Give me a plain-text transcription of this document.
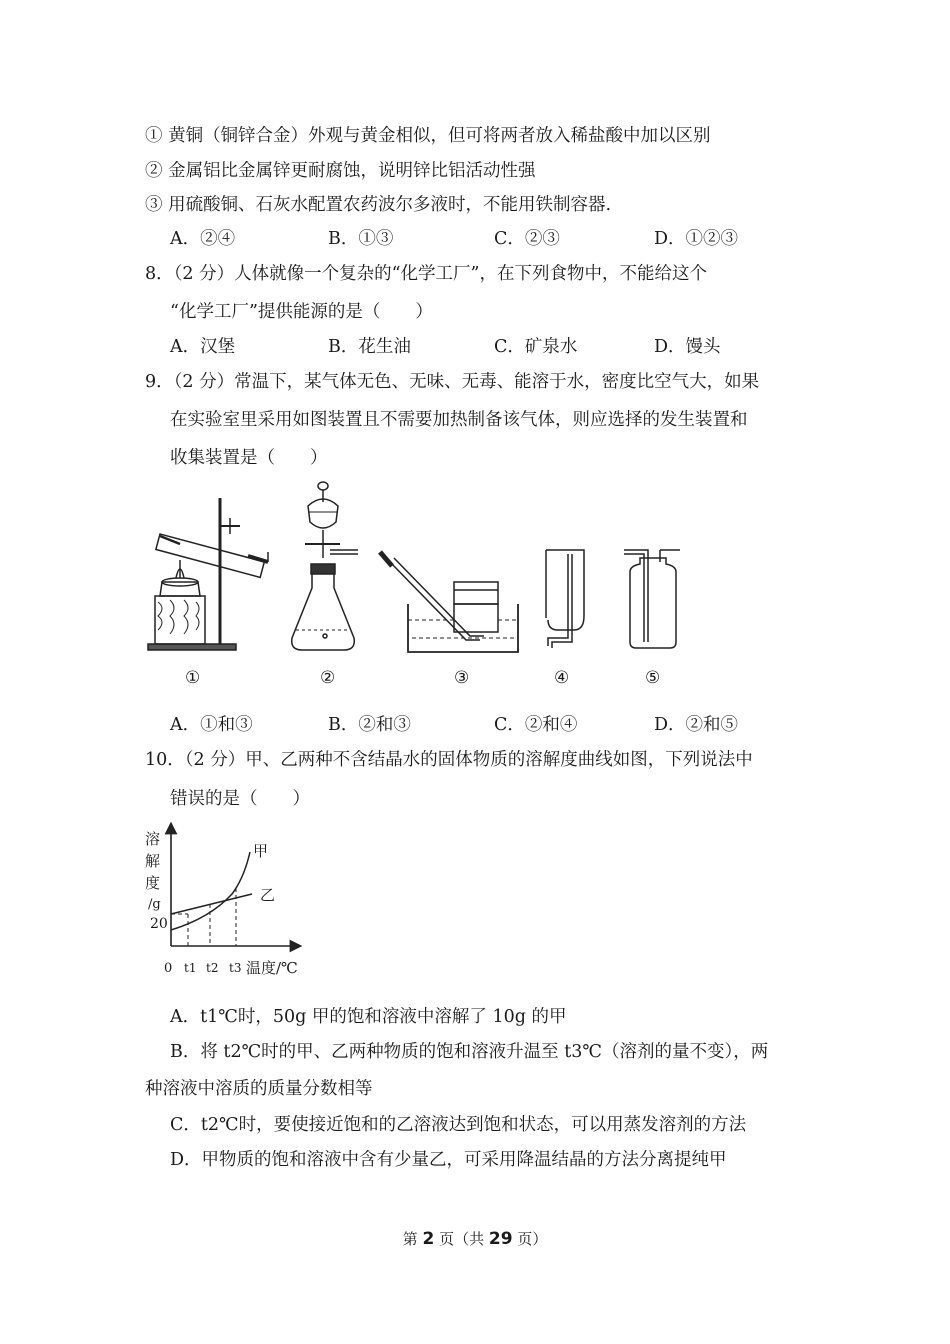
① 黄铜（铜锌合金）外观与黄金相似，但可将两者放入稀盐酸中加以区别
② 金属铝比金属锌更耐腐蚀，说明锌比铝活动性强
③ 用硫酸铜、石灰水配置农药波尔多液时，不能用铁制容器.
A．②④	B．①③	C．②③	D．①②③
8．（2 分）人体就像一个复杂的“化学工厂”，在下列食物中，不能给这个
“化学工厂”提供能源的是（　　）
A．汉堡	B．花生油	C．矿泉水	D．馒头
9．（2 分）常温下，某气体无色、无味、无毒、能溶于水，密度比空气大，如果
在实验室里采用如图装置且不需要加热制备该气体，则应选择的发生装置和
收集装置是（　　）
①	②	③	④	⑤
A．①和③	B．②和③	C．②和④	D．②和⑤
10．（2 分）甲、乙两种不含结晶水的固体物质的溶解度曲线如图，下列说法中
错误的是（　　）
溶
解
度
/g
20
甲
乙
0 t1 t2 t3 温度/℃
A．t1℃时，50g 甲的饱和溶液中溶解了 10g 的甲
B．将 t2℃时的甲、乙两种物质的饱和溶液升温至 t3℃（溶剂的量不变），两
种溶液中溶质的质量分数相等
C．t2℃时，要使接近饱和的乙溶液达到饱和状态，可以用蒸发溶剂的方法
D．甲物质的饱和溶液中含有少量乙，可采用降温结晶的方法分离提纯甲
第 2 页（共 29 页）
